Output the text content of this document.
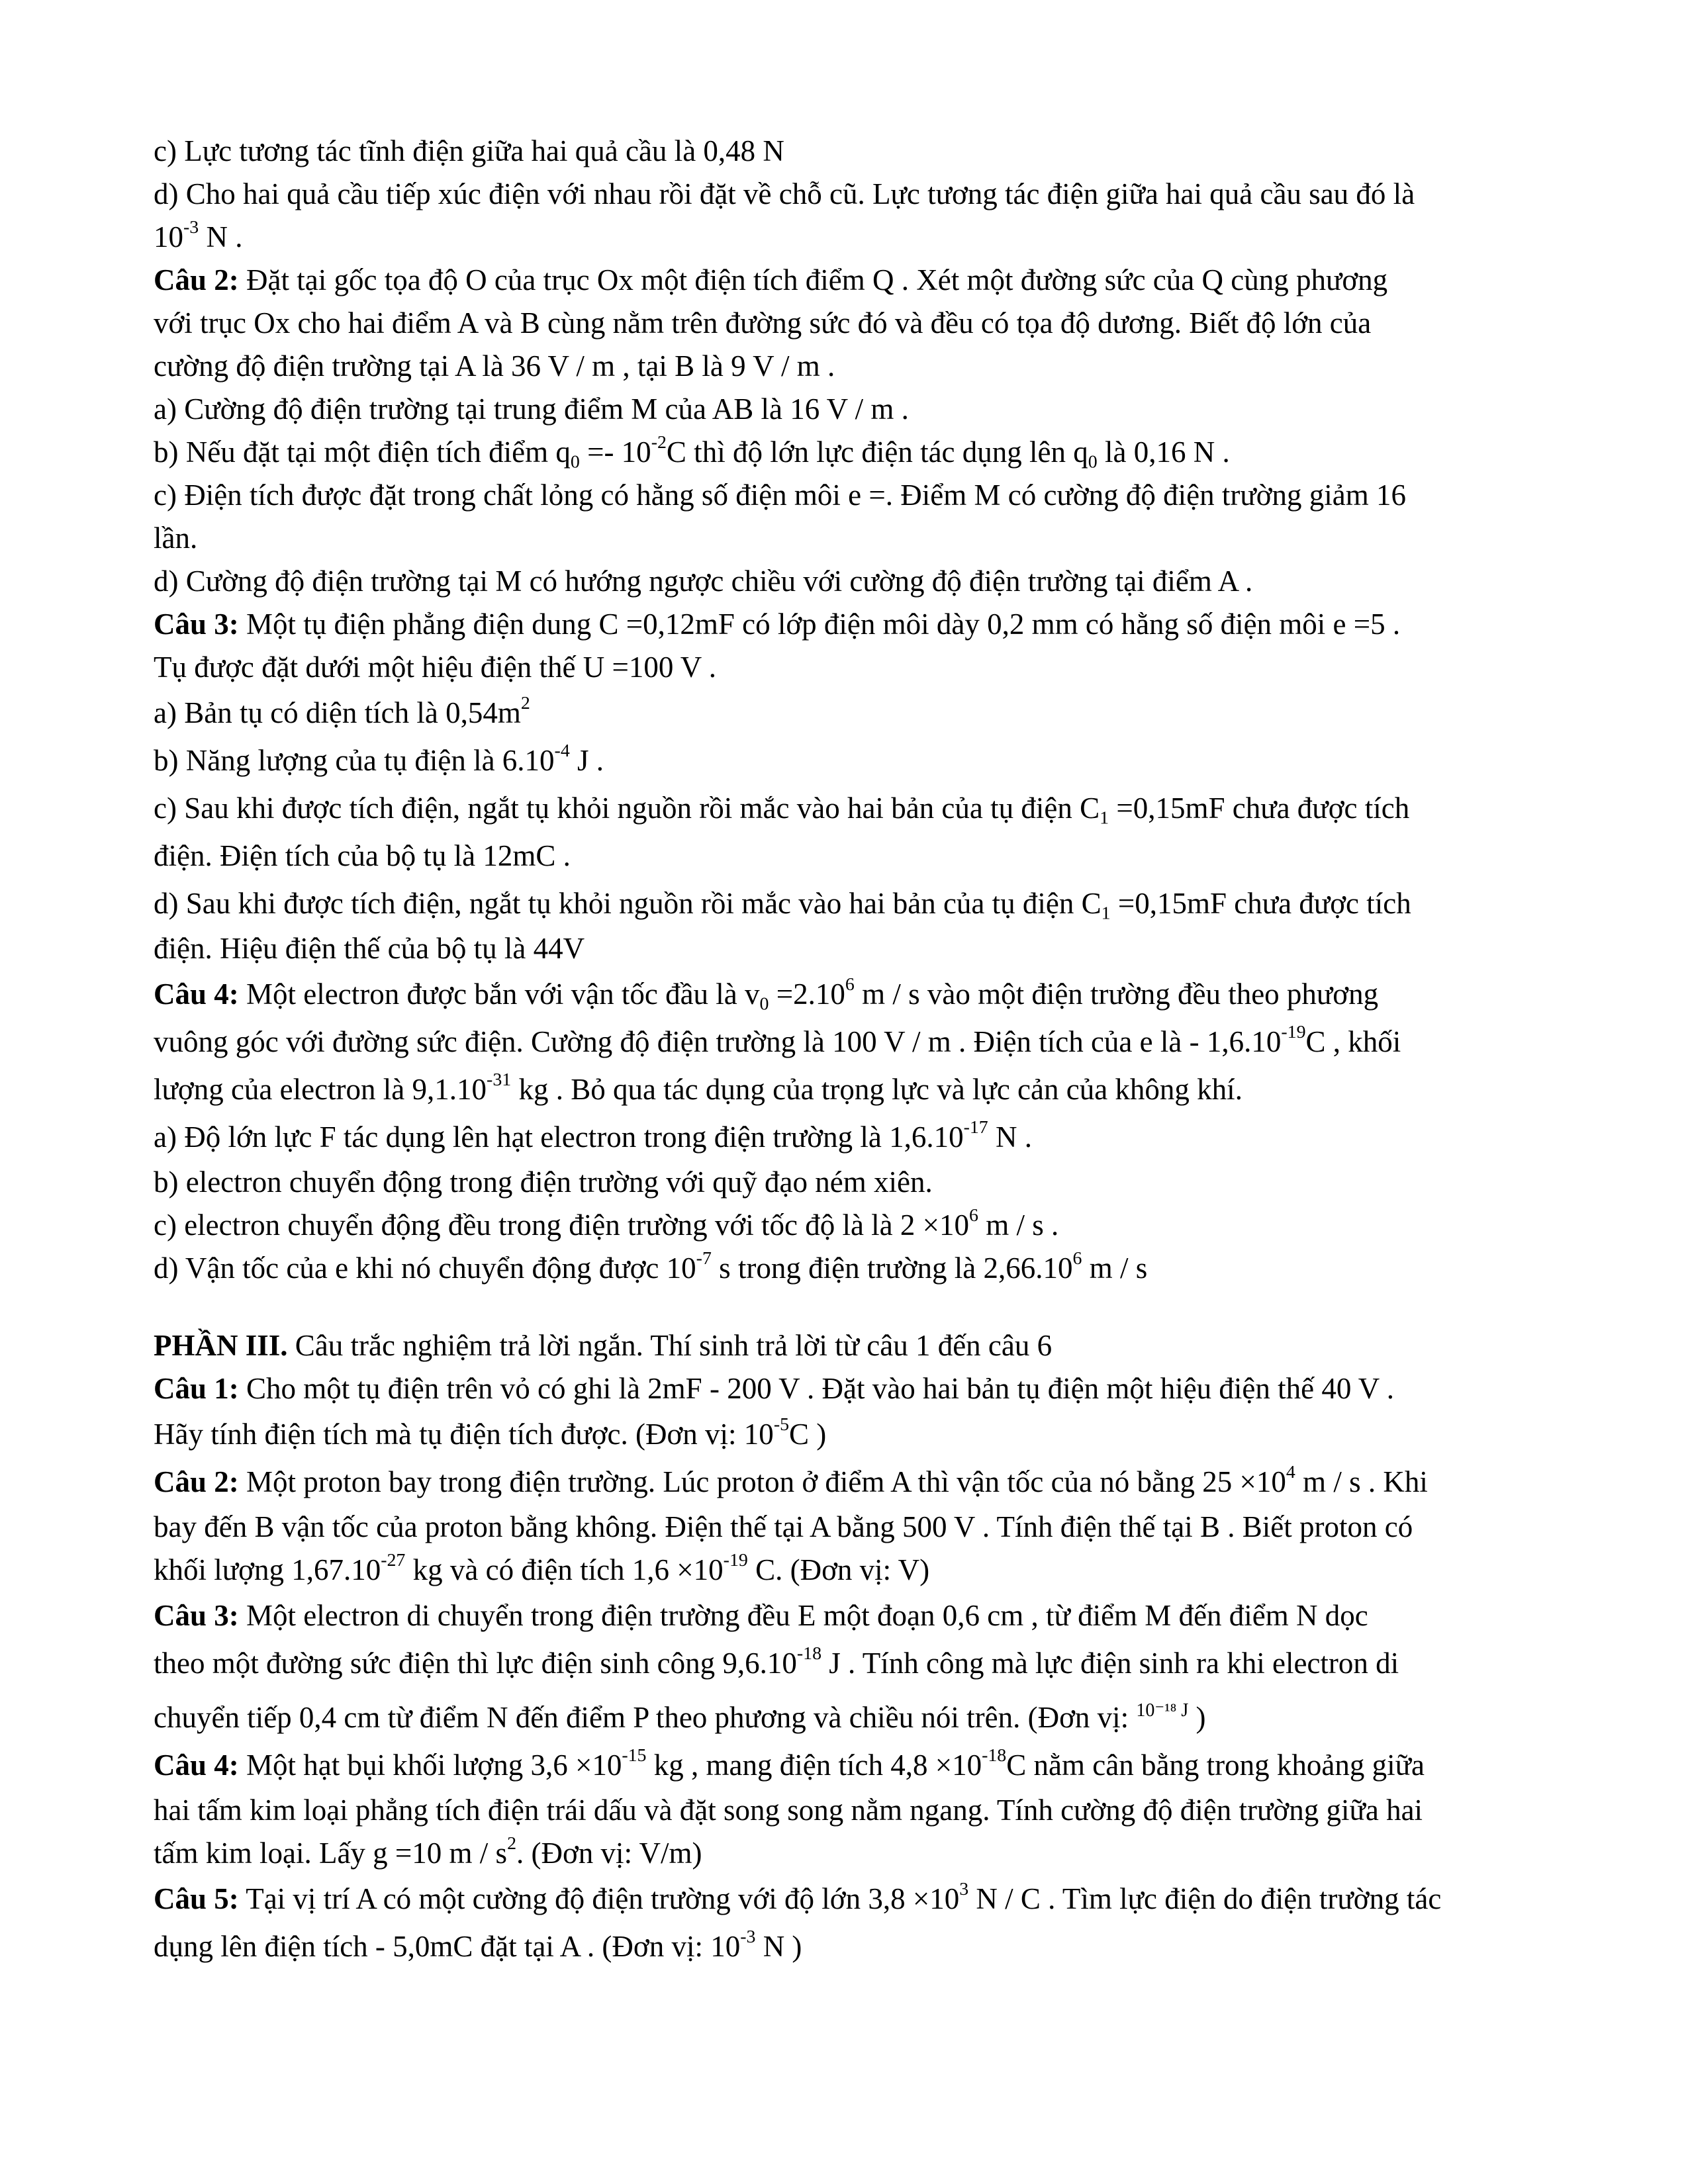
c) Lực tương tác tĩnh điện giữa hai quả cầu là 0,48 N
d) Cho hai quả cầu tiếp xúc điện với nhau rồi đặt về chỗ cũ. Lực tương tác điện giữa hai quả cầu sau đó là
$10^{-3}$ N .
Câu 2: Đặt tại gốc tọa độ O của trục Ox một điện tích điểm Q . Xét một đường sức của Q cùng phương
với trục Ox cho hai điểm A và B cùng nằm trên đường sức đó và đều có tọa độ dương. Biết độ lớn của
cường độ điện trường tại A là 36 V / m , tại B là 9 V / m .
a) Cường độ điện trường tại trung điểm M của AB là 16 V / m .
b) Nếu đặt tại một điện tích điểm $q_0 =- 10^{-2}C$ thì độ lớn lực điện tác dụng lên $q_0$ là 0,16 N .
c) Điện tích được đặt trong chất lỏng có hằng số điện môi e =. Điểm M có cường độ điện trường giảm 16
lần.
d) Cường độ điện trường tại M có hướng ngược chiều với cường độ điện trường tại điểm A .
Câu 3: Một tụ điện phẳng điện dung C =0,12mF có lớp điện môi dày 0,2 mm có hằng số điện môi e =5 .
Tụ được đặt dưới một hiệu điện thế U =100 V .
a) Bản tụ có diện tích là $0,54m^2$
b) Năng lượng của tụ điện là $6.10^{-4}$ J .
c) Sau khi được tích điện, ngắt tụ khỏi nguồn rồi mắc vào hai bản của tụ điện $C_1 =0,15mF$ chưa được tích
điện. Điện tích của bộ tụ là 12mC .
d) Sau khi được tích điện, ngắt tụ khỏi nguồn rồi mắc vào hai bản của tụ điện $C_1 =0,15mF$ chưa được tích
điện. Hiệu điện thế của bộ tụ là 44V
Câu 4: Một electron được bắn với vận tốc đầu là $v_0 =2.10^6$ m / s vào một điện trường đều theo phương
vuông góc với đường sức điện. Cường độ điện trường là 100 V / m . Điện tích của e là - $1,6.10^{-19}C$ , khối
lượng của electron là $9,1.10^{-31}$ kg . Bỏ qua tác dụng của trọng lực và lực cản của không khí.
a) Độ lớn lực F tác dụng lên hạt electron trong điện trường là $1,6.10^{-17}$ N .
b) electron chuyển động trong điện trường với quỹ đạo ném xiên.
c) electron chuyển động đều trong điện trường với tốc độ là là $2 \times 10^6$ m / s .
d) Vận tốc của e khi nó chuyển động được $10^{-7}$ s trong điện trường là 2,66.10$^6$ m / s
PHẦN III. Câu trắc nghiệm trả lời ngắn. Thí sinh trả lời từ câu 1 đến câu 6
Câu 1: Cho một tụ điện trên vỏ có ghi là 2mF - 200 V . Đặt vào hai bản tụ điện một hiệu điện thế 40 V .
Hãy tính điện tích mà tụ điện tích được. (Đơn vị: $10^{-5}C$ )
Câu 2: Một proton bay trong điện trường. Lúc proton ở điểm A thì vận tốc của nó bằng $25 \times 10^4$ m / s . Khi
bay đến B vận tốc của proton bằng không. Điện thế tại A bằng 500 V . Tính điện thế tại B . Biết proton có
khối lượng $1,67.10^{-27}$ kg và có điện tích $1,6 \times 10^{-19}$ C. (Đơn vị: V)
Câu 3: Một electron di chuyển trong điện trường đều E một đoạn 0,6 cm , từ điểm M đến điểm N dọc
theo một đường sức điện thì lực điện sinh công $9,6.10^{-18}$ J . Tính công mà lực điện sinh ra khi electron di
chuyển tiếp 0,4 cm từ điểm N đến điểm P theo phương và chiều nói trên. (Đơn vị: $^{10^{-18} J}$ )
Câu 4: Một hạt bụi khối lượng $3,6 \times 10^{-15}$ kg , mang điện tích $4,8 \times 10^{-18}C$ nằm cân bằng trong khoảng giữa
hai tấm kim loại phẳng tích điện trái dấu và đặt song song nằm ngang. Tính cường độ điện trường giữa hai
tấm kim loại. Lấy g =10 m / $s^2$. (Đơn vị: V/m)
Câu 5: Tại vị trí A có một cường độ điện trường với độ lớn $3,8 \times 10^3$ N / C . Tìm lực điện do điện trường tác
dụng lên điện tích - 5,0mC đặt tại A . (Đơn vị: $10^{-3}$ N )
